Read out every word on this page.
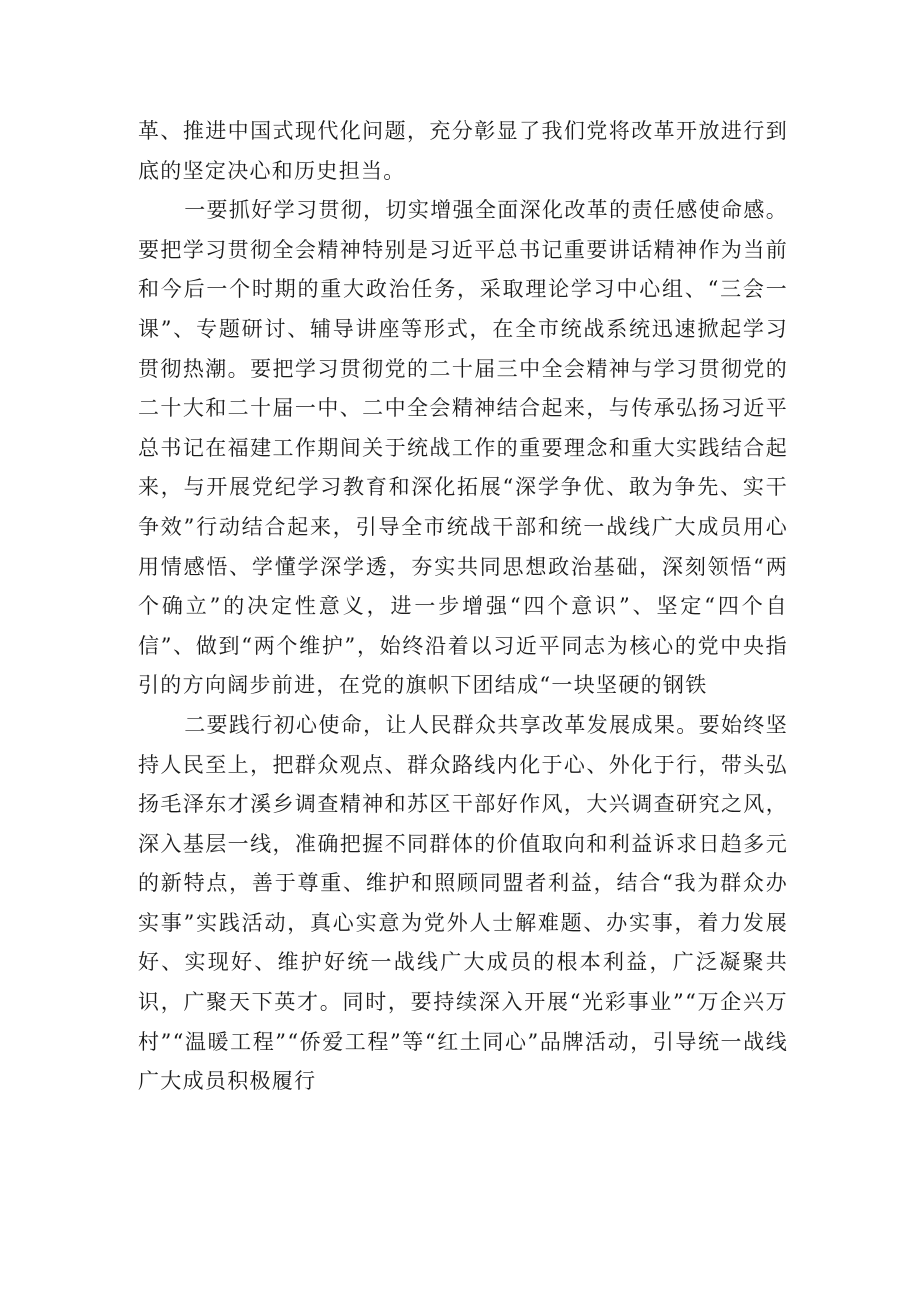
革、推进中国式现代化问题，充分彰显了我们党将改革开放进行到底的坚定决心和历史担当。

一要抓好学习贯彻，切实增强全面深化改革的责任感使命感。要把学习贯彻全会精神特别是习近平总书记重要讲话精神作为当前和今后一个时期的重大政治任务，采取理论学习中心组、“三会一课”、专题研讨、辅导讲座等形式，在全市统战系统迅速掀起学习贯彻热潮。要把学习贯彻党的二十届三中全会精神与学习贯彻党的二十大和二十届一中、二中全会精神结合起来，与传承弘扬习近平总书记在福建工作期间关于统战工作的重要理念和重大实践结合起来，与开展党纪学习教育和深化拓展“深学争优、敢为争先、实干争效”行动结合起来，引导全市统战干部和统一战线广大成员用心用情感悟、学懂学深学透，夯实共同思想政治基础，深刻领悟“两个确立”的决定性意义，进一步增强“四个意识”、坚定“四个自信”、做到“两个维护”，始终沿着以习近平同志为核心的党中央指引的方向阔步前进，在党的旗帜下团结成“一块坚硬的钢铁

二要践行初心使命，让人民群众共享改革发展成果。要始终坚持人民至上，把群众观点、群众路线内化于心、外化于行，带头弘扬毛泽东才溪乡调查精神和苏区干部好作风，大兴调查研究之风，深入基层一线，准确把握不同群体的价值取向和利益诉求日趋多元的新特点，善于尊重、维护和照顾同盟者利益，结合“我为群众办实事”实践活动，真心实意为党外人士解难题、办实事，着力发展好、实现好、维护好统一战线广大成员的根本利益，广泛凝聚共识，广聚天下英才。同时，要持续深入开展“光彩事业”“万企兴万村”“温暖工程”“侨爱工程”等“红土同心”品牌活动，引导统一战线广大成员积极履行
